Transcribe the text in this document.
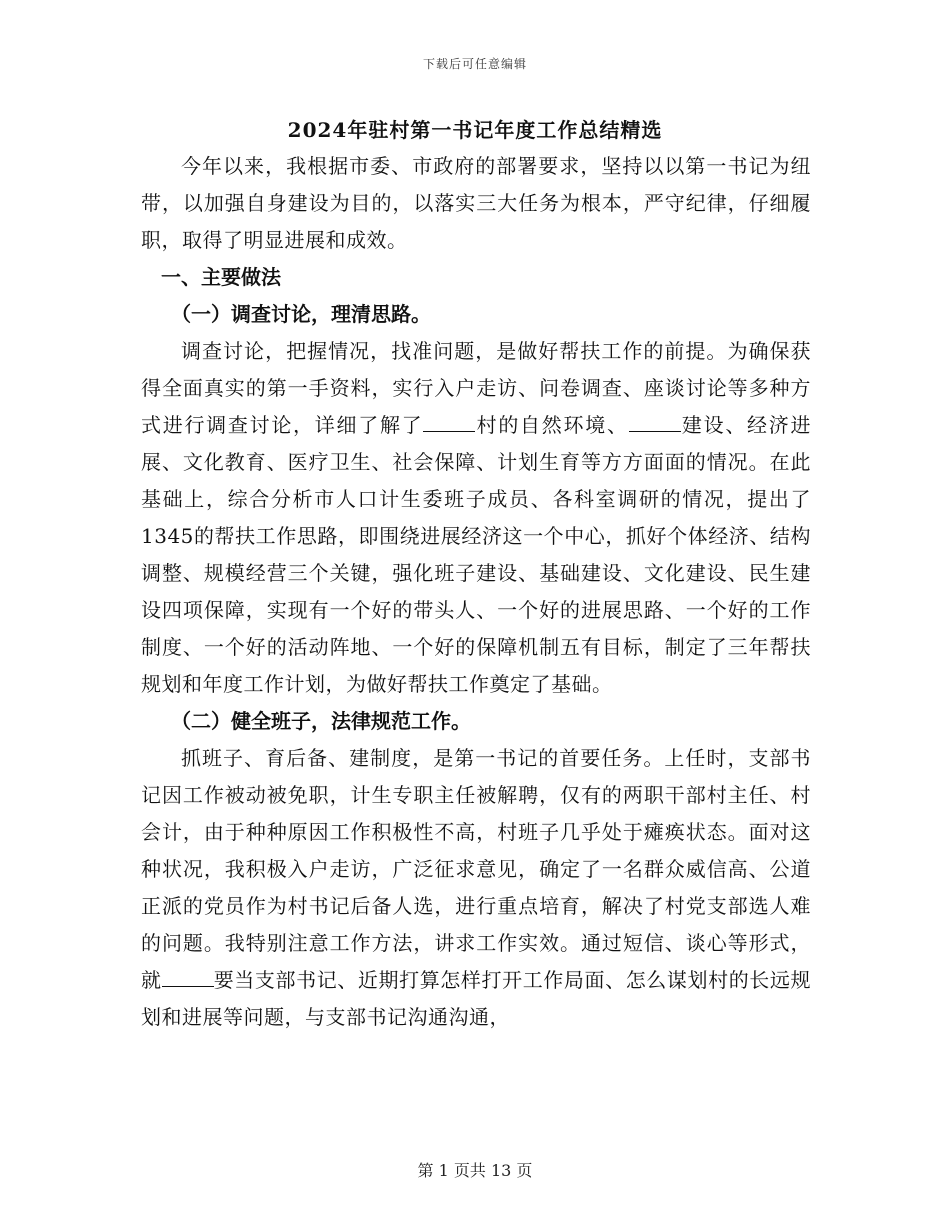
下载后可任意编辑
2024年驻村第一书记年度工作总结精选

今年以来，我根据市委、市政府的部署要求，坚持以以第一书记为纽带，以加强自身建设为目的，以落实三大任务为根本，严守纪律，仔细履职，取得了明显进展和成效。

一、主要做法

（一）调查讨论，理清思路。

调查讨论，把握情况，找准问题，是做好帮扶工作的前提。为确保获得全面真实的第一手资料，实行入户走访、问卷调查、座谈讨论等多种方式进行调查讨论，详细了解了	村的自然环境、	建设、经济进展、文化教育、医疗卫生、社会保障、计划生育等方方面面的情况。在此基础上，综合分析市人口计生委班子成员、各科室调研的情况，提出了1345的帮扶工作思路，即围绕进展经济这一个中心，抓好个体经济、结构调整、规模经营三个关键，强化班子建设、基础建设、文化建设、民生建设四项保障，实现有一个好的带头人、一个好的进展思路、一个好的工作制度、一个好的活动阵地、一个好的保障机制五有目标，制定了三年帮扶规划和年度工作计划，为做好帮扶工作奠定了基础。

（二）健全班子，法律规范工作。

抓班子、育后备、建制度，是第一书记的首要任务。上任时，支部书记因工作被动被免职，计生专职主任被解聘，仅有的两职干部村主任、村会计，由于种种原因工作积极性不高，村班子几乎处于瘫痪状态。面对这种状况，我积极入户走访，广泛征求意见，确定了一名群众威信高、公道正派的党员作为村书记后备人选，进行重点培育，解决了村党支部选人难的问题。我特别注意工作方法，讲求工作实效。通过短信、谈心等形式，就	要当支部书记、近期打算怎样打开工作局面、怎么谋划村的长远规划和进展等问题，与支部书记沟通沟通，

第 1 页共 13 页
